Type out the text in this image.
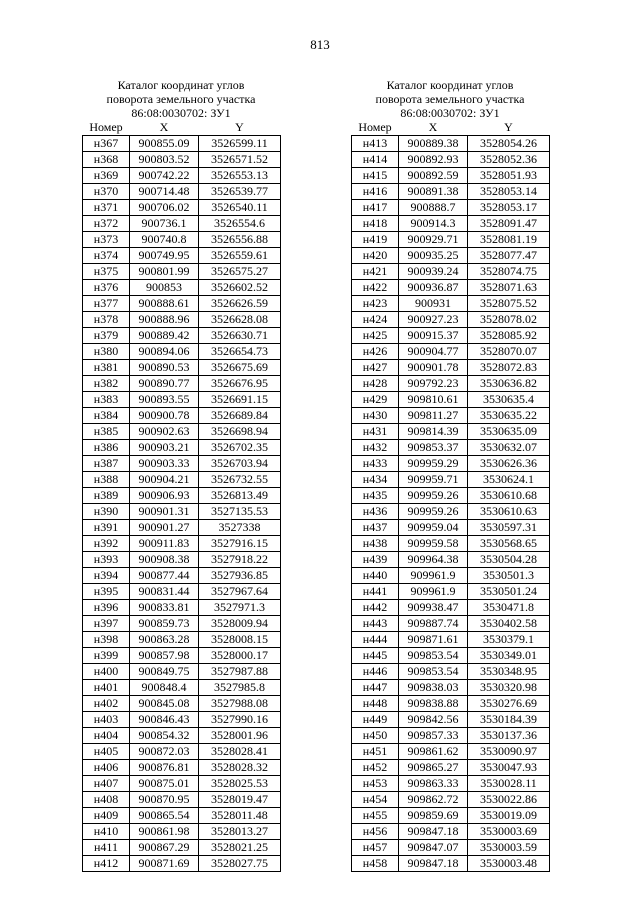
813
Каталог координат углов
поворота земельного участка
86:08:0030702: ЗУ1
Номер	X	Y
н367	900855.09	3526599.11
н368	900803.52	3526571.52
н369	900742.22	3526553.13
н370	900714.48	3526539.77
н371	900706.02	3526540.11
н372	900736.1	3526554.6
н373	900740.8	3526556.88
н374	900749.95	3526559.61
н375	900801.99	3526575.27
н376	900853	3526602.52
н377	900888.61	3526626.59
н378	900888.96	3526628.08
н379	900889.42	3526630.71
н380	900894.06	3526654.73
н381	900890.53	3526675.69
н382	900890.77	3526676.95
н383	900893.55	3526691.15
н384	900900.78	3526689.84
н385	900902.63	3526698.94
н386	900903.21	3526702.35
н387	900903.33	3526703.94
н388	900904.21	3526732.55
н389	900906.93	3526813.49
н390	900901.31	3527135.53
н391	900901.27	3527338
н392	900911.83	3527916.15
н393	900908.38	3527918.22
н394	900877.44	3527936.85
н395	900831.44	3527967.64
н396	900833.81	3527971.3
н397	900859.73	3528009.94
н398	900863.28	3528008.15
н399	900857.98	3528000.17
н400	900849.75	3527987.88
н401	900848.4	3527985.8
н402	900845.08	3527988.08
н403	900846.43	3527990.16
н404	900854.32	3528001.96
н405	900872.03	3528028.41
н406	900876.81	3528028.32
н407	900875.01	3528025.53
н408	900870.95	3528019.47
н409	900865.54	3528011.48
н410	900861.98	3528013.27
н411	900867.29	3528021.25
н412	900871.69	3528027.75
Каталог координат углов
поворота земельного участка
86:08:0030702: ЗУ1
Номер	X	Y
н413	900889.38	3528054.26
н414	900892.93	3528052.36
н415	900892.59	3528051.93
н416	900891.38	3528053.14
н417	900888.7	3528053.17
н418	900914.3	3528091.47
н419	900929.71	3528081.19
н420	900935.25	3528077.47
н421	900939.24	3528074.75
н422	900936.87	3528071.63
н423	900931	3528075.52
н424	900927.23	3528078.02
н425	900915.37	3528085.92
н426	900904.77	3528070.07
н427	900901.78	3528072.83
н428	909792.23	3530636.82
н429	909810.61	3530635.4
н430	909811.27	3530635.22
н431	909814.39	3530635.09
н432	909853.37	3530632.07
н433	909959.29	3530626.36
н434	909959.71	3530624.1
н435	909959.26	3530610.68
н436	909959.26	3530610.63
н437	909959.04	3530597.31
н438	909959.58	3530568.65
н439	909964.38	3530504.28
н440	909961.9	3530501.3
н441	909961.9	3530501.24
н442	909938.47	3530471.8
н443	909887.74	3530402.58
н444	909871.61	3530379.1
н445	909853.54	3530349.01
н446	909853.54	3530348.95
н447	909838.03	3530320.98
н448	909838.88	3530276.69
н449	909842.56	3530184.39
н450	909857.33	3530137.36
н451	909861.62	3530090.97
н452	909865.27	3530047.93
н453	909863.33	3530028.11
н454	909862.72	3530022.86
н455	909859.69	3530019.09
н456	909847.18	3530003.69
н457	909847.07	3530003.59
н458	909847.18	3530003.48
